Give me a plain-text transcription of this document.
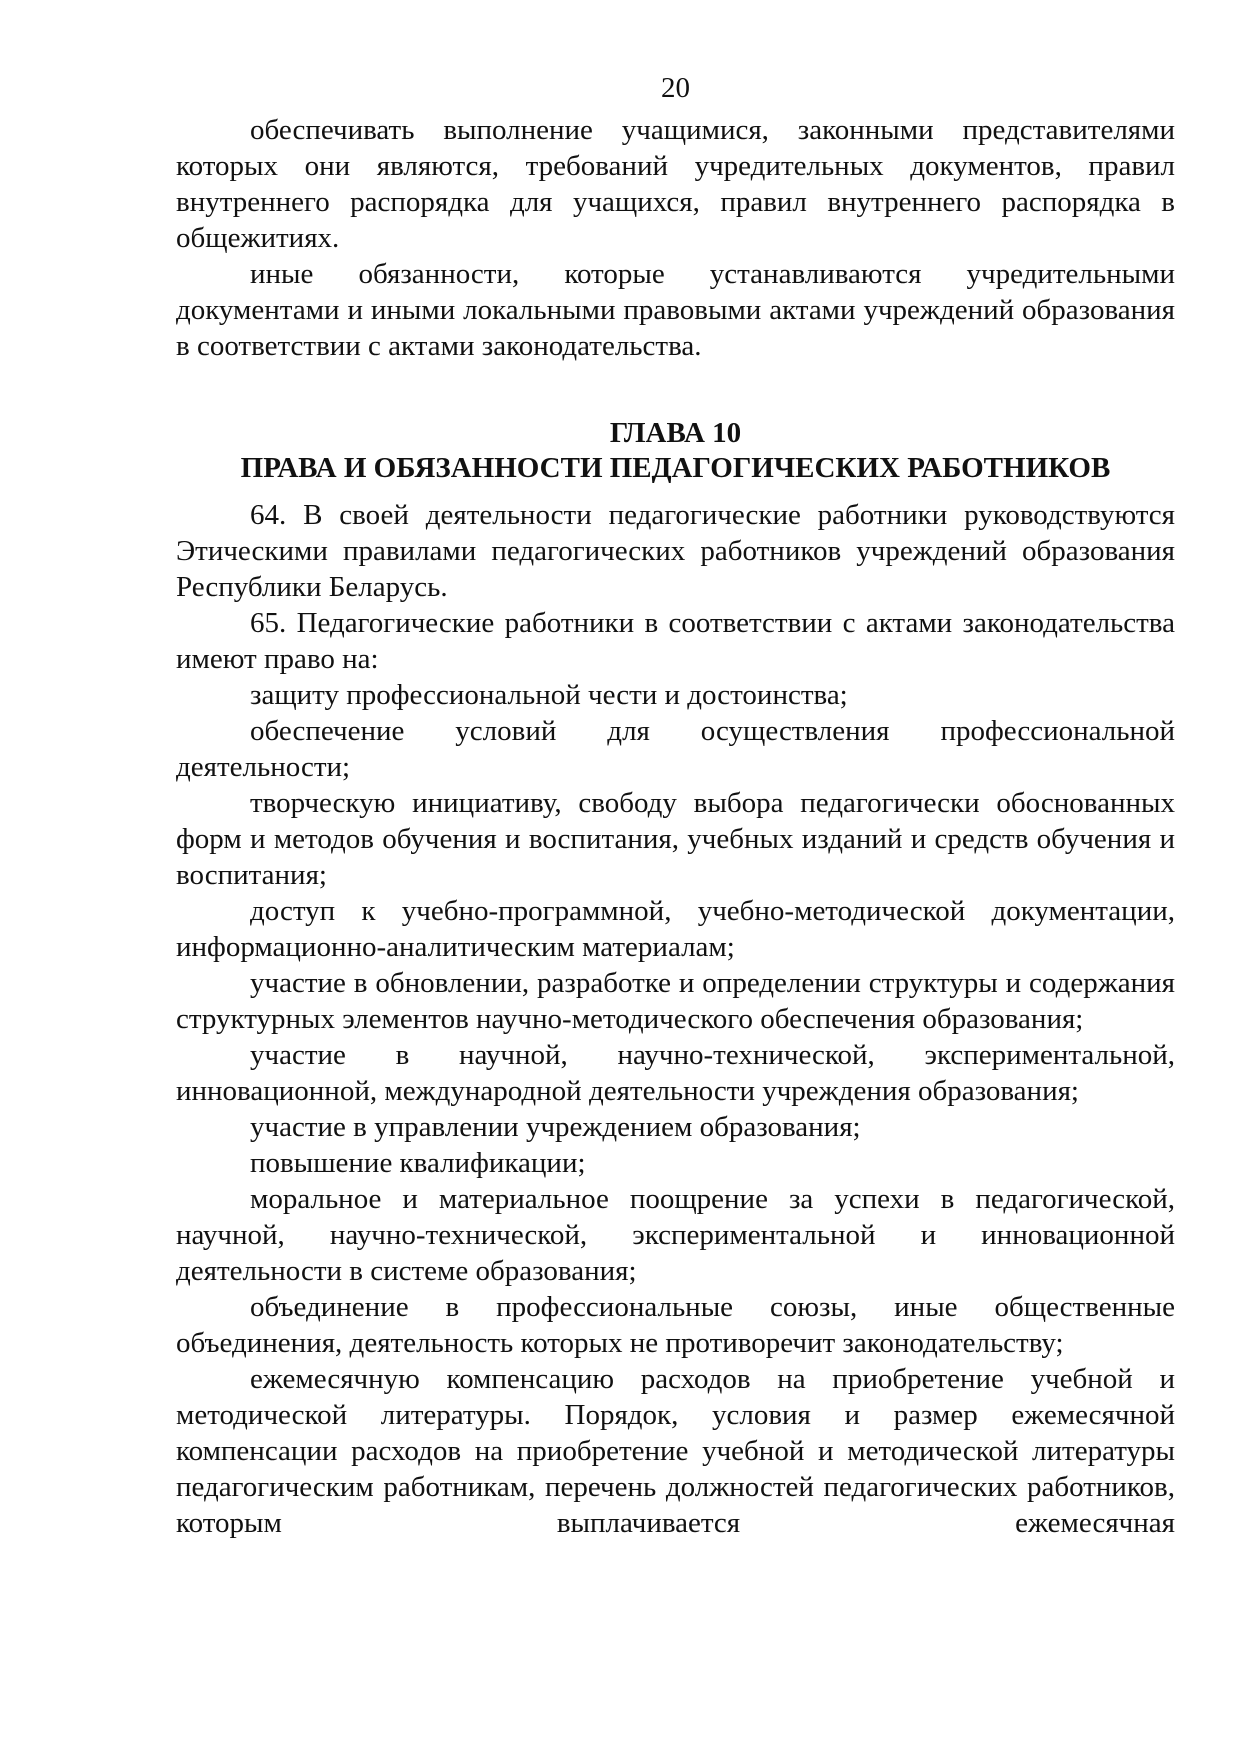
20

обеспечивать выполнение учащимися, законными представителями которых они являются, требований учредительных документов, правил внутреннего распорядка для учащихся, правил внутреннего распорядка в общежитиях.

иные обязанности, которые устанавливаются учредительными документами и иными локальными правовыми актами учреждений образования в соответствии с актами законодательства.

ГЛАВА 10
ПРАВА И ОБЯЗАННОСТИ ПЕДАГОГИЧЕСКИХ РАБОТНИКОВ

64. В своей деятельности педагогические работники руководствуются Этическими правилами педагогических работников учреждений образования Республики Беларусь.

65. Педагогические работники в соответствии с актами законодательства имеют право на:

защиту профессиональной чести и достоинства;

обеспечение условий для осуществления профессиональной деятельности;

творческую инициативу, свободу выбора педагогически обоснованных форм и методов обучения и воспитания, учебных изданий и средств обучения и воспитания;

доступ к учебно-программной, учебно-методической документации, информационно-аналитическим материалам;

участие в обновлении, разработке и определении структуры и содержания структурных элементов научно-методического обеспечения образования;

участие в научной, научно-технической, экспериментальной, инновационной, международной деятельности учреждения образования;

участие в управлении учреждением образования;

повышение квалификации;

моральное и материальное поощрение за успехи в педагогической, научной, научно-технической, экспериментальной и инновационной деятельности в системе образования;

объединение в профессиональные союзы, иные общественные объединения, деятельность которых не противоречит законодательству;

ежемесячную компенсацию расходов на приобретение учебной и методической литературы. Порядок, условия и размер ежемесячной компенсации расходов на приобретение учебной и методической литературы педагогическим работникам, перечень должностей педагогических работников, которым выплачивается ежемесячная
